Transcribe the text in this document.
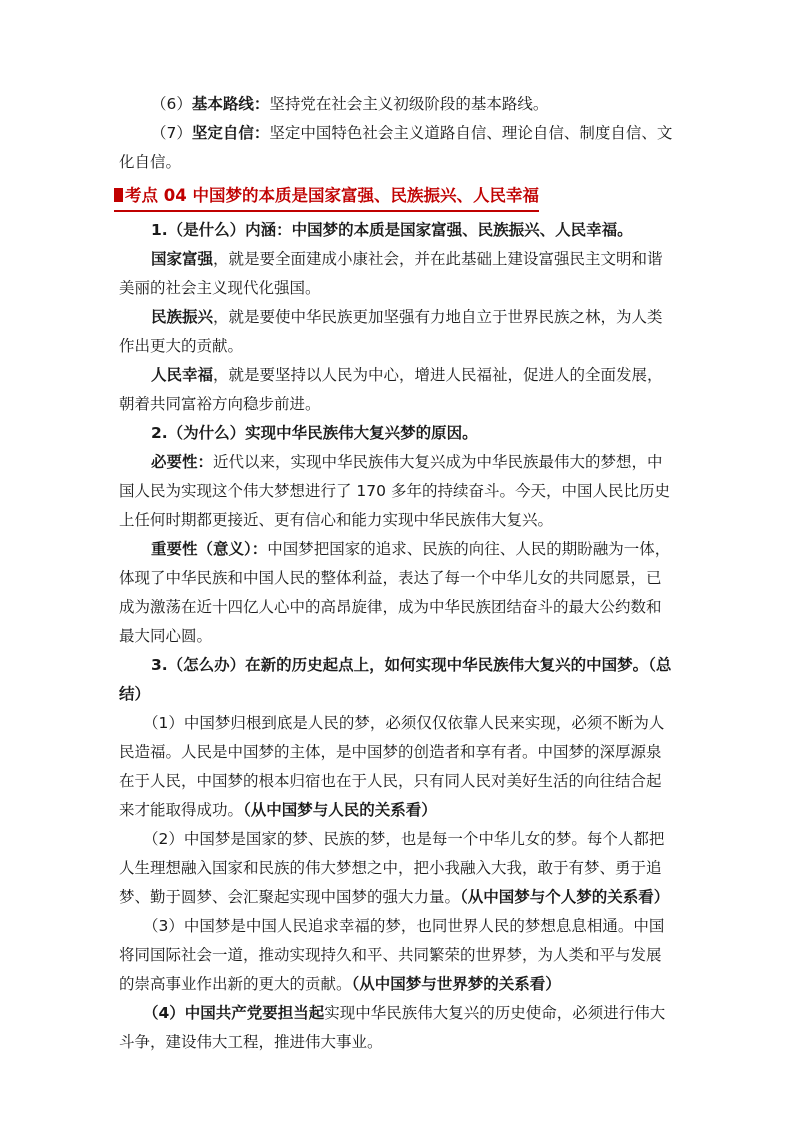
（6）基本路线：坚持党在社会主义初级阶段的基本路线。

（7）坚定自信：坚定中国特色社会主义道路自信、理论自信、制度自信、文化自信。

考点 04 中国梦的本质是国家富强、民族振兴、人民幸福

1.（是什么）内涵：中国梦的本质是国家富强、民族振兴、人民幸福。

国家富强，就是要全面建成小康社会，并在此基础上建设富强民主文明和谐美丽的社会主义现代化强国。

民族振兴，就是要使中华民族更加坚强有力地自立于世界民族之林，为人类作出更大的贡献。

人民幸福，就是要坚持以人民为中心，增进人民福祉，促进人的全面发展，朝着共同富裕方向稳步前进。

2.（为什么）实现中华民族伟大复兴梦的原因。

必要性：近代以来，实现中华民族伟大复兴成为中华民族最伟大的梦想，中国人民为实现这个伟大梦想进行了 170 多年的持续奋斗。今天，中国人民比历史上任何时期都更接近、更有信心和能力实现中华民族伟大复兴。

重要性（意义）：中国梦把国家的追求、民族的向往、人民的期盼融为一体，体现了中华民族和中国人民的整体利益，表达了每一个中华儿女的共同愿景，已成为激荡在近十四亿人心中的高昂旋律，成为中华民族团结奋斗的最大公约数和最大同心圆。

3.（怎么办）在新的历史起点上，如何实现中华民族伟大复兴的中国梦。（总结）

（1）中国梦归根到底是人民的梦，必须仅仅依靠人民来实现，必须不断为人民造福。人民是中国梦的主体，是中国梦的创造者和享有者。中国梦的深厚源泉在于人民，中国梦的根本归宿也在于人民，只有同人民对美好生活的向往结合起来才能取得成功。（从中国梦与人民的关系看）

（2）中国梦是国家的梦、民族的梦，也是每一个中华儿女的梦。每个人都把人生理想融入国家和民族的伟大梦想之中，把小我融入大我，敢于有梦、勇于追梦、勤于圆梦、会汇聚起实现中国梦的强大力量。（从中国梦与个人梦的关系看）

（3）中国梦是中国人民追求幸福的梦，也同世界人民的梦想息息相通。中国将同国际社会一道，推动实现持久和平、共同繁荣的世界梦，为人类和平与发展的崇高事业作出新的更大的贡献。（从中国梦与世界梦的关系看）

（4）中国共产党要担当起实现中华民族伟大复兴的历史使命，必须进行伟大斗争，建设伟大工程，推进伟大事业。
